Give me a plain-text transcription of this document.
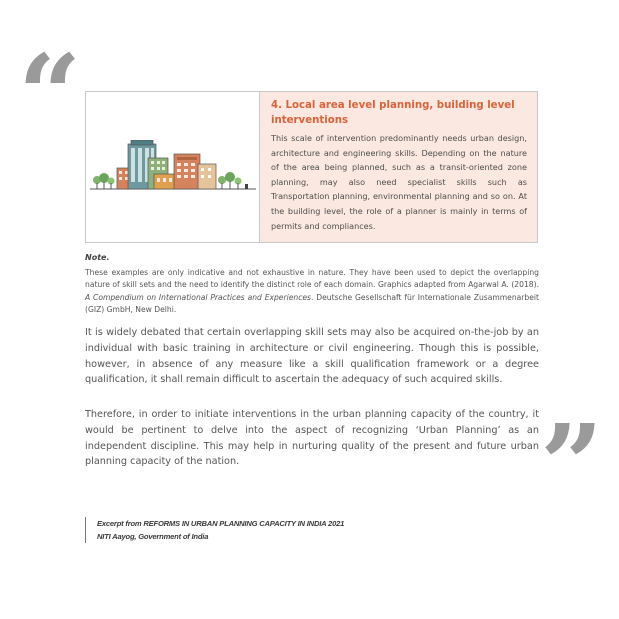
“	4. Local area level planning, building level interventions

This scale of intervention predominantly needs urban design, architecture and engineering skills. Depending on the nature of the area being planned, such as a transit-oriented zone planning, may also need specialist skills such as Transportation planning, environmental planning and so on. At the building level, the role of a planner is mainly in terms of permits and compliances.

Note.

These examples are only indicative and not exhaustive in nature. They have been used to depict the overlapping nature of skill sets and the need to identify the distinct role of each domain. Graphics adapted from Agarwal A. (2018). A Compendium on International Practices and Experiences. Deutsche Gesellschaft für Internationale Zusammenarbeit (GIZ) GmbH, New Delhi.

It is widely debated that certain overlapping skill sets may also be acquired on-the-job by an individual with basic training in architecture or civil engineering. Though this is possible, however, in absence of any measure like a skill qualification framework or a degree qualification, it shall remain difficult to ascertain the adequacy of such acquired skills.

Therefore, in order to initiate interventions in the urban planning capacity of the country, it would be pertinent to delve into the aspect of recognizing ‘Urban Planning’ as an independent discipline. This may help in nurturing quality of the present and future urban planning capacity of the nation.	”
Excerpt from REFORMS IN URBAN PLANNING CAPACITY IN INDIA 2021
NITI Aayog, Government of India
